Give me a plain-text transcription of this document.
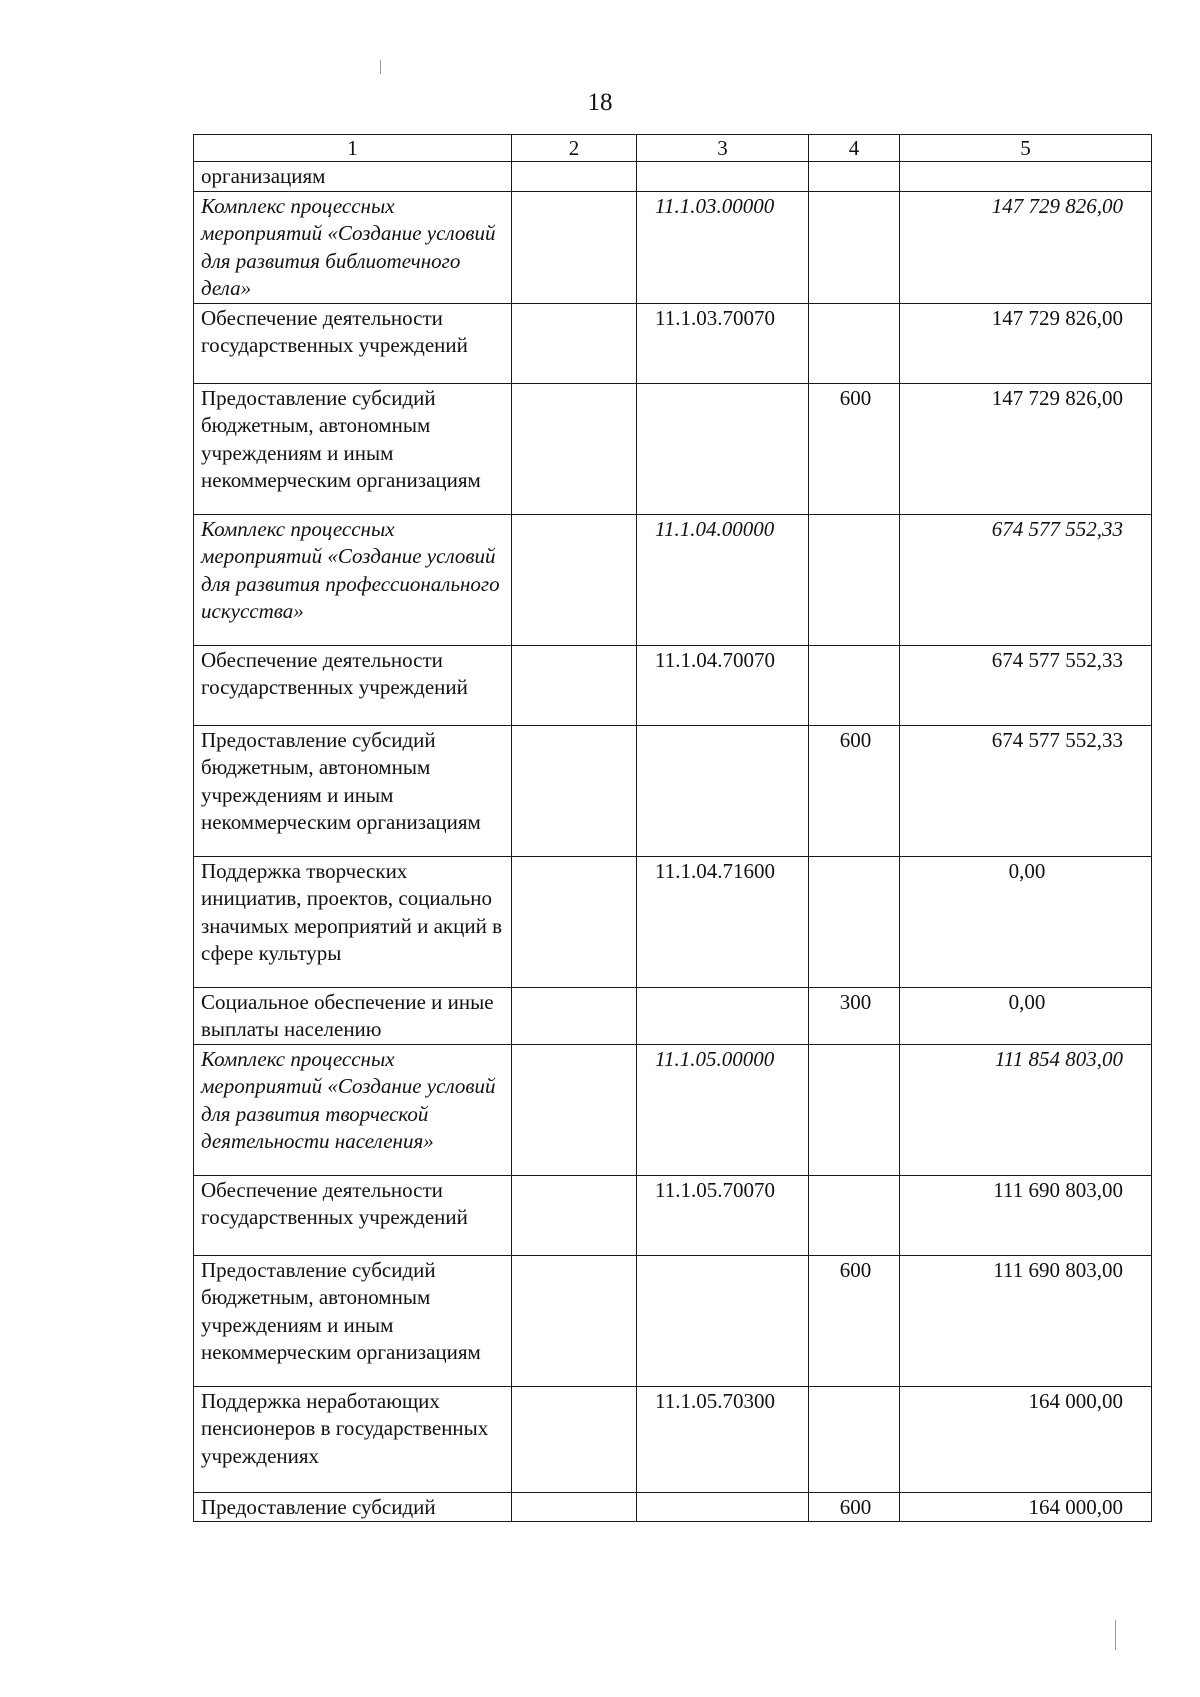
18
1	2	3	4	5
организациям				
Комплекс процессных мероприятий «Создание условий для развития библиотечного дела»		11.1.03.00000		147 729 826,00
Обеспечение деятельности государственных учреждений		11.1.03.70070		147 729 826,00
Предоставление субсидий бюджетным, автономным учреждениям и иным некоммерческим организациям			600	147 729 826,00
Комплекс процессных мероприятий «Создание условий для развития профессионального искусства»		11.1.04.00000		674 577 552,33
Обеспечение деятельности государственных учреждений		11.1.04.70070		674 577 552,33
Предоставление субсидий бюджетным, автономным учреждениям и иным некоммерческим организациям			600	674 577 552,33
Поддержка творческих инициатив, проектов, социально значимых мероприятий и акций в сфере культуры		11.1.04.71600		0,00
Социальное обеспечение и иные выплаты населению			300	0,00
Комплекс процессных мероприятий «Создание условий для развития творческой деятельности населения»		11.1.05.00000		111 854 803,00
Обеспечение деятельности государственных учреждений		11.1.05.70070		111 690 803,00
Предоставление субсидий бюджетным, автономным учреждениям и иным некоммерческим организациям			600	111 690 803,00
Поддержка неработающих пенсионеров в государственных учреждениях		11.1.05.70300		164 000,00
Предоставление субсидий			600	164 000,00
